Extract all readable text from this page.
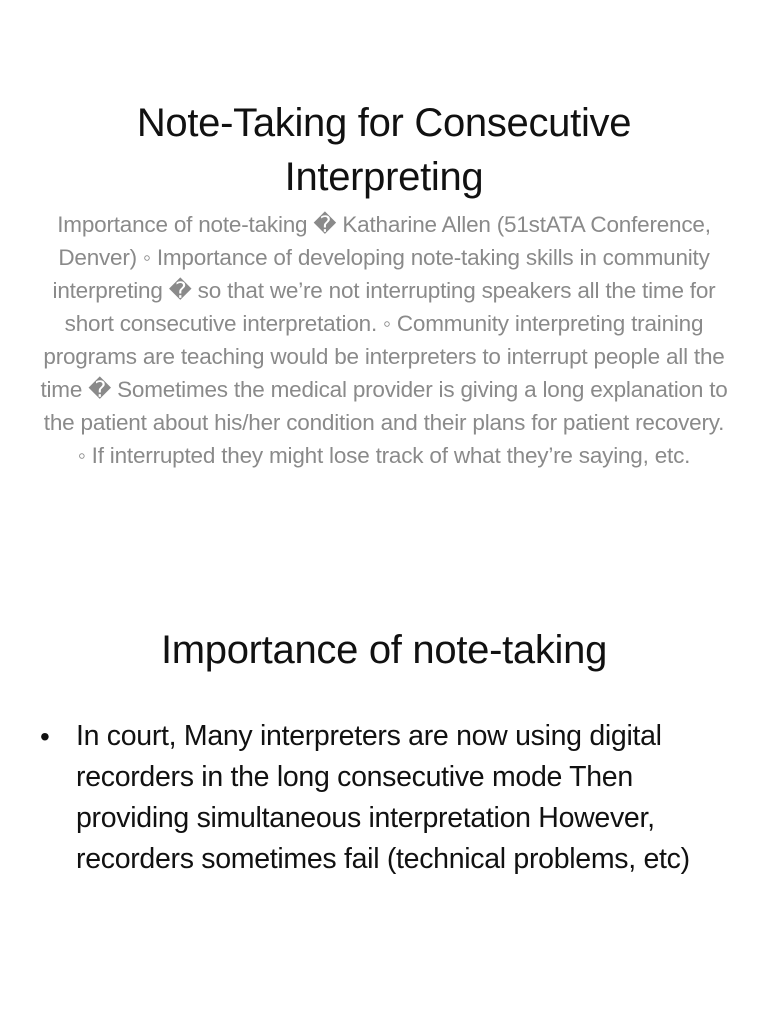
Note-Taking for Consecutive Interpreting

Importance of note-taking � Katharine Allen (51stATA Conference, Denver) ◦ Importance of developing note-taking skills in community interpreting � so that we’re not interrupting speakers all the time for short consecutive interpretation. ◦ Community interpreting training programs are teaching would be interpreters to interrupt people all the time � Sometimes the medical provider is giving a long explanation to the patient about his/her condition and their plans for patient recovery. ◦ If interrupted they might lose track of what they’re saying, etc.

Importance of note-taking
• In court, Many interpreters are now using digital recorders in the long consecutive mode Then providing simultaneous interpretation However, recorders sometimes fail (technical problems, etc)
